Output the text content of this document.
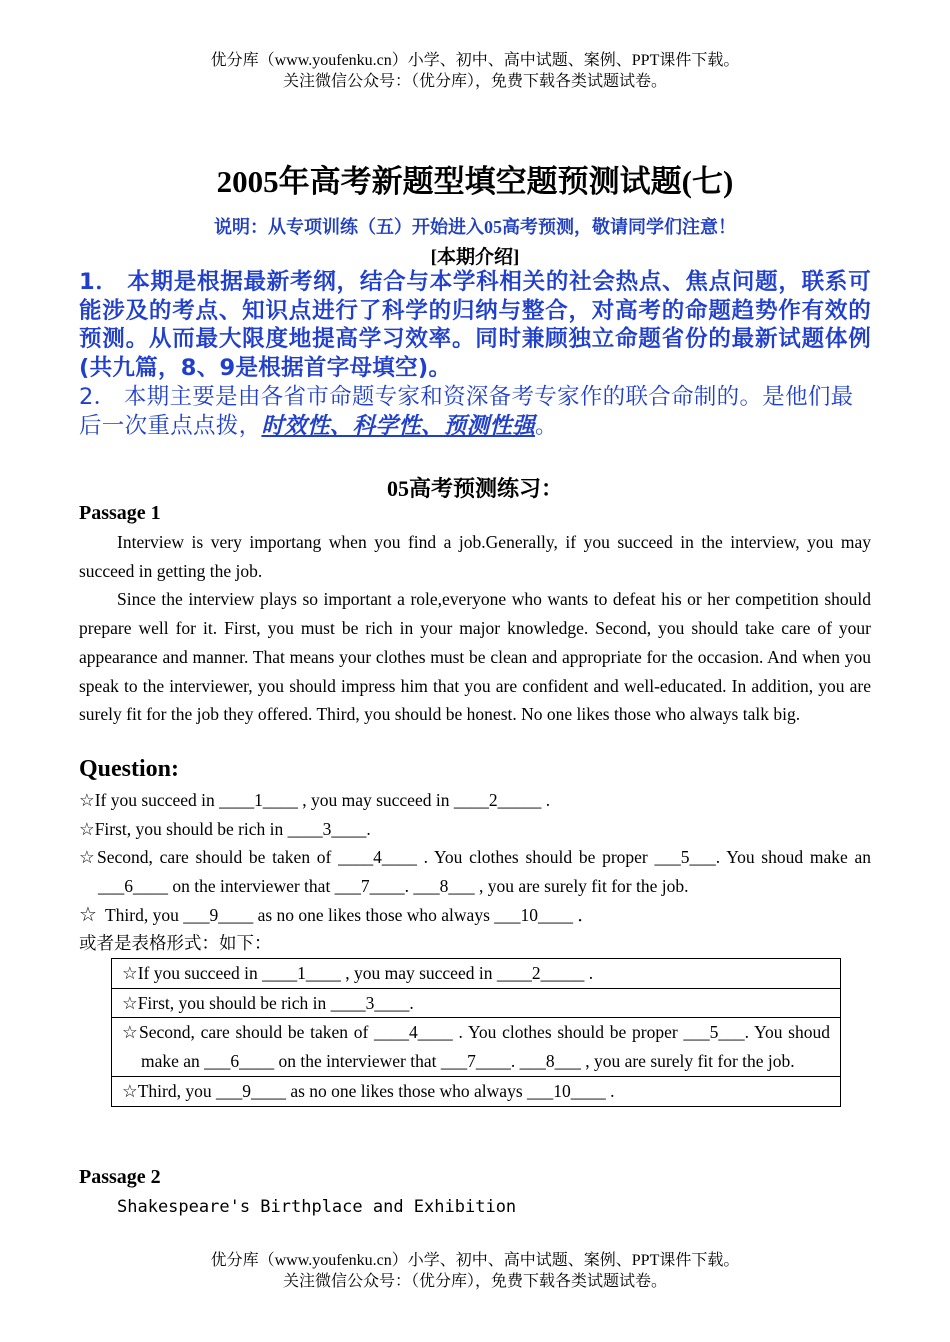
优分库（www.youfenku.cn）小学、初中、高中试题、案例、PPT课件下载。
关注微信公众号：（优分库），免费下载各类试题试卷。
2005年高考新题型填空题预测试题(七)
说明：从专项训练（五）开始进入05高考预测，敬请同学们注意！
[本期介绍]
1． 本期是根据最新考纲，结合与本学科相关的社会热点、焦点问题，联系可能涉及的考点、知识点进行了科学的归纳与整合，对高考的命题趋势作有效的预测。从而最大限度地提高学习效率。同时兼顾独立命题省份的最新试题体例 (共九篇，8、9是根据首字母填空)。
2． 本期主要是由各省市命题专家和资深备考专家作的联合命制的。是他们最后一次重点点拨，时效性、科学性、预测性强。
05高考预测练习：
Passage 1

Interview is very importang when you find a job.Generally, if you succeed in the interview, you may succeed in getting the job.

Since the interview plays so important a role,everyone who wants to defeat his or her competition should prepare well for it. First, you must be rich in your major knowledge. Second, you should take care of your appearance and manner. That means your clothes must be clean and appropriate for the occasion. And when you speak to the interviewer, you should impress him that you are confident and well-educated. In addition, you are surely fit for the job they offered. Third, you should be honest. No one likes those who always talk big.

Question:
☆If you succeed in ____1____ , you may succeed in ____2_____ .
☆First, you should be rich in ____3____.
☆Second, care should be taken of ____4____ . You clothes should be proper ___5___. You shoud make an ___6____ on the interviewer that ___7____. ___8___ , you are surely fit for the job.
☆ Third, you ___9____ as no one likes those who always ___10____ ．
或者是表格形式：如下：
☆If you succeed in ____1____ , you may succeed in ____2_____ .

☆First, you should be rich in ____3____.

☆Second, care should be taken of ____4____ . You clothes should be proper ___5___. You shoud make an ___6____ on the interviewer that ___7____. ___8___ , you are surely fit for the job.

☆Third, you ___9____ as no one likes those who always ___10____ .
Passage 2
Shakespeare's Birthplace and Exhibition
优分库（www.youfenku.cn）小学、初中、高中试题、案例、PPT课件下载。
关注微信公众号：（优分库），免费下载各类试题试卷。
